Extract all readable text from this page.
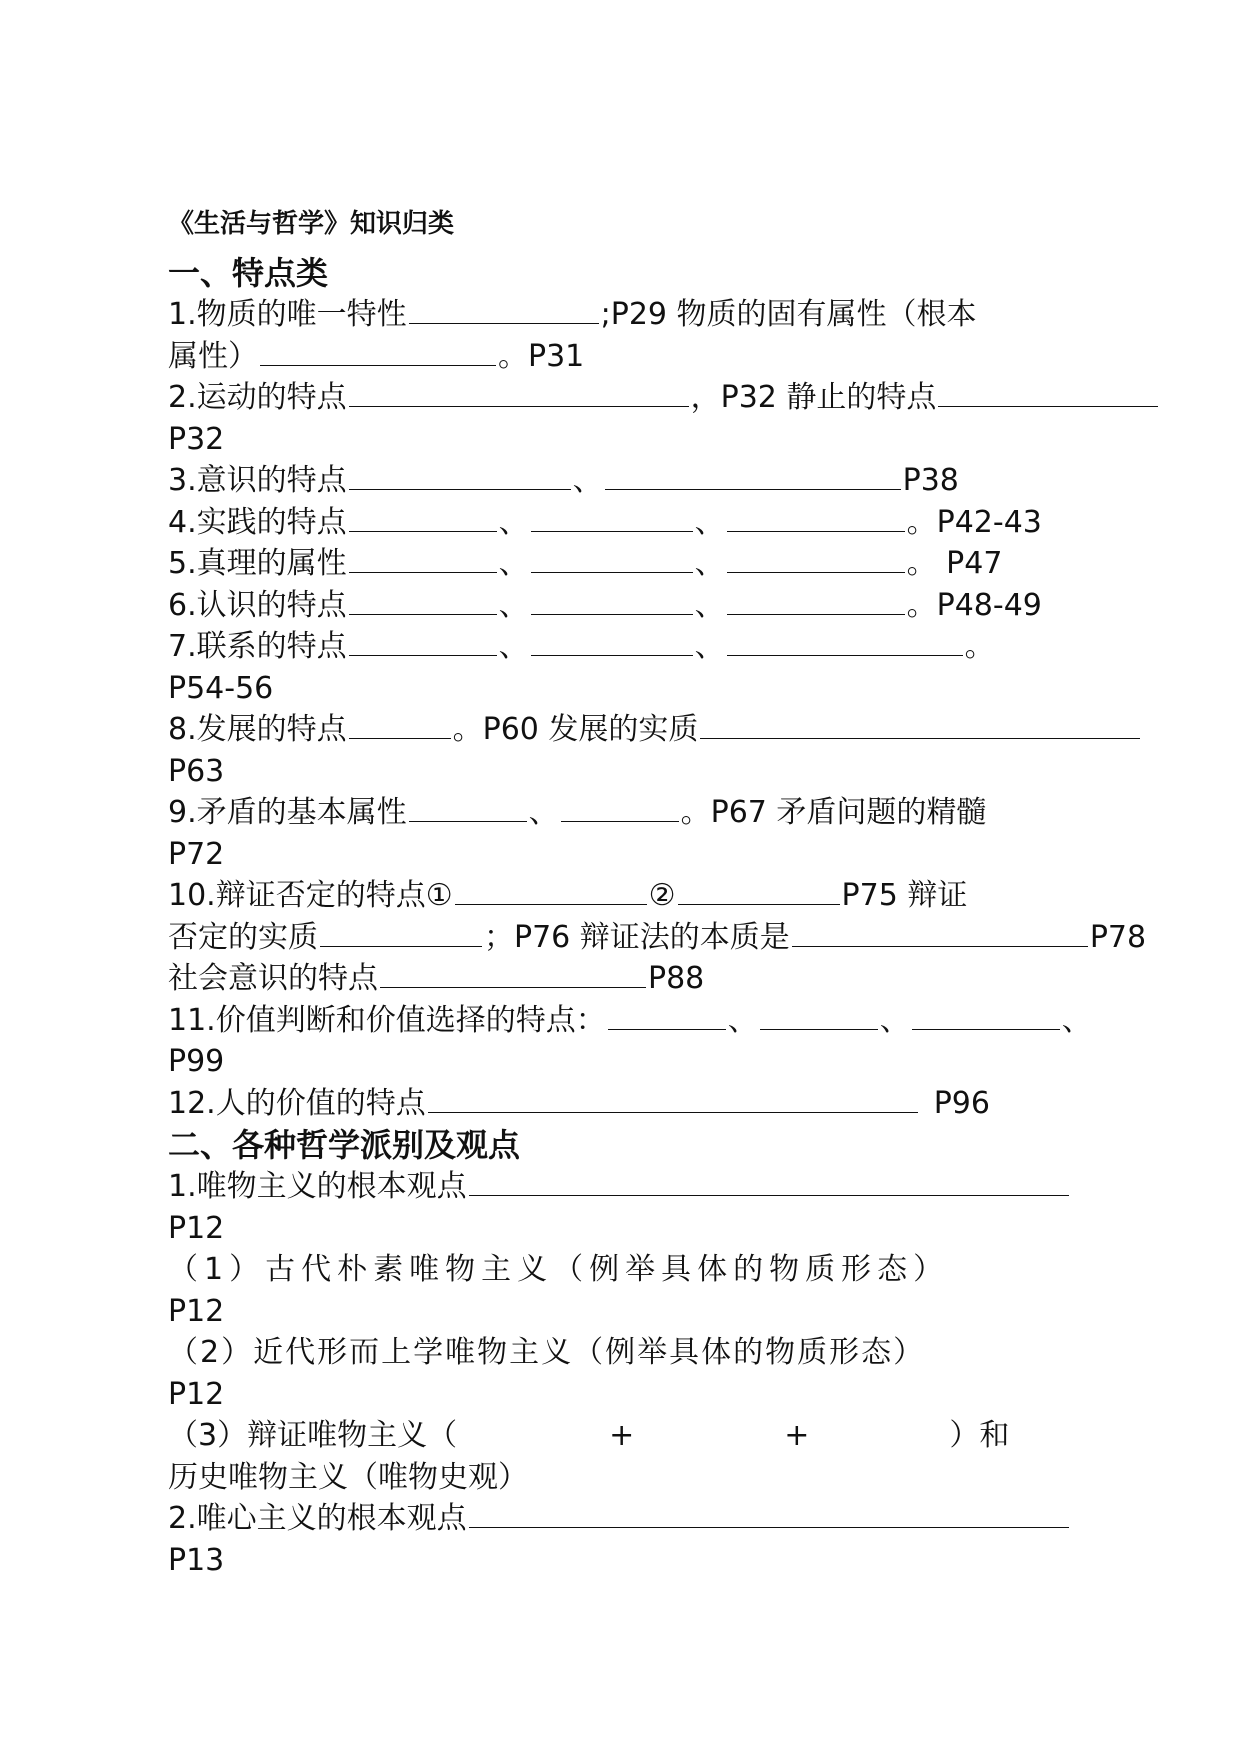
《生活与哲学》知识归类
一、特点类
1.物质的唯一特性	;P29 物质的固有属性（根本
属性）	。P31
2.运动的特点	，P32 静止的特点
P32
3.意识的特点	、	P38
4.实践的特点	、	、	。P42-43
5.真理的属性	、	、	。 P47
6.认识的特点	、	、	。P48-49
7.联系的特点	、	、	。
P54-56
8.发展的特点	。P60 发展的实质
P63
9.矛盾的基本属性	、	。P67 矛盾问题的精髓
P72
10.辩证否定的特点①	②	P75 辩证
否定的实质	；P76 辩证法的本质是	P78
社会意识的特点	P88
11.价值判断和价值选择的特点：	、	、	、
P99
12.人的价值的特点	P96
二、各种哲学派别及观点
1.唯物主义的根本观点
P12
（1）古代朴素唯物主义（例举具体的物质形态）
P12
（2）近代形而上学唯物主义（例举具体的物质形态）
P12
（3）辩证唯物主义（	+	+	）和
历史唯物主义（唯物史观）
2.唯心主义的根本观点
P13
